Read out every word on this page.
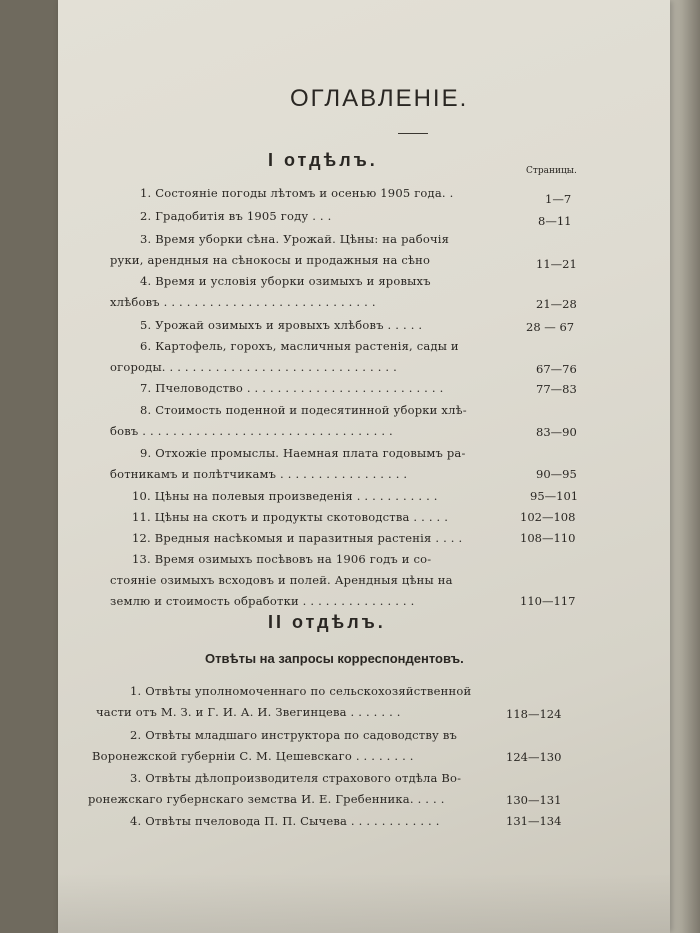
ОГЛАВЛЕНIЕ.
I отдѣлъ.
Страницы.
1. Состоянiе погоды лѣтомъ и осенью 1905 года. .	1—7
2. Градобитiя въ 1905 году . . .	8—11
3. Время уборки сѣна. Урожай. Цѣны: на рабочiя
руки, арендныя на сѣнокосы и продажныя на сѣно	11—21
4. Время и условiя уборки озимыхъ и яровыхъ
хлѣбовъ . . . . . . . . . . . . . . . . . . . . . . . . . . . .	21—28
5. Урожай озимыхъ и яровыхъ хлѣбовъ . . . . .	28 — 67
6. Картофель, горохъ, масличныя растенiя, сады и
огороды. . . . . . . . . . . . . . . . . . . . . . . . . . . . . . .	67—76
7. Пчеловодство . . . . . . . . . . . . . . . . . . . . . . . . . .	77—83
8. Стоимость поденной и подесятинной уборки хлѣ-
бовъ . . . . . . . . . . . . . . . . . . . . . . . . . . . . . . . . .	83—90
9. Отхожiе промыслы. Наемная плата годовымъ ра-
ботникамъ и полѣтчикамъ . . . . . . . . . . . . . . . . .	90—95
10. Цѣны на полевыя произведенiя . . . . . . . . . . .	95—101
11. Цѣны на скотъ и продукты скотоводства . . . . .	102—108
12. Вредныя насѣкомыя и паразитныя растенiя . . . .	108—110
13. Время озимыхъ посѣвовъ на 1906 годъ и со-
стоянiе озимыхъ всходовъ и полей. Арендныя цѣны на
землю и стоимость обработки . . . . . . . . . . . . . . .	110—117
II отдѣлъ.
Отвѣты на запросы корреспондентовъ.
1. Отвѣты уполномоченнаго по сельскохозяйственной
части отъ М. З. и Г. И. А. И. Звегинцева . . . . . . .	118—124
2. Отвѣты младшаго инструктора по садоводству въ
Воронежской губернiи С. М. Цешевскаго . . . . . . . .	124—130
3. Отвѣты дѣлопроизводителя страхового отдѣла Во-
ронежскаго губернскаго земства И. Е. Гребенника. . . . .	130—131
4. Отвѣты пчеловода П. П. Сычева . . . . . . . . . . . .	131—134
